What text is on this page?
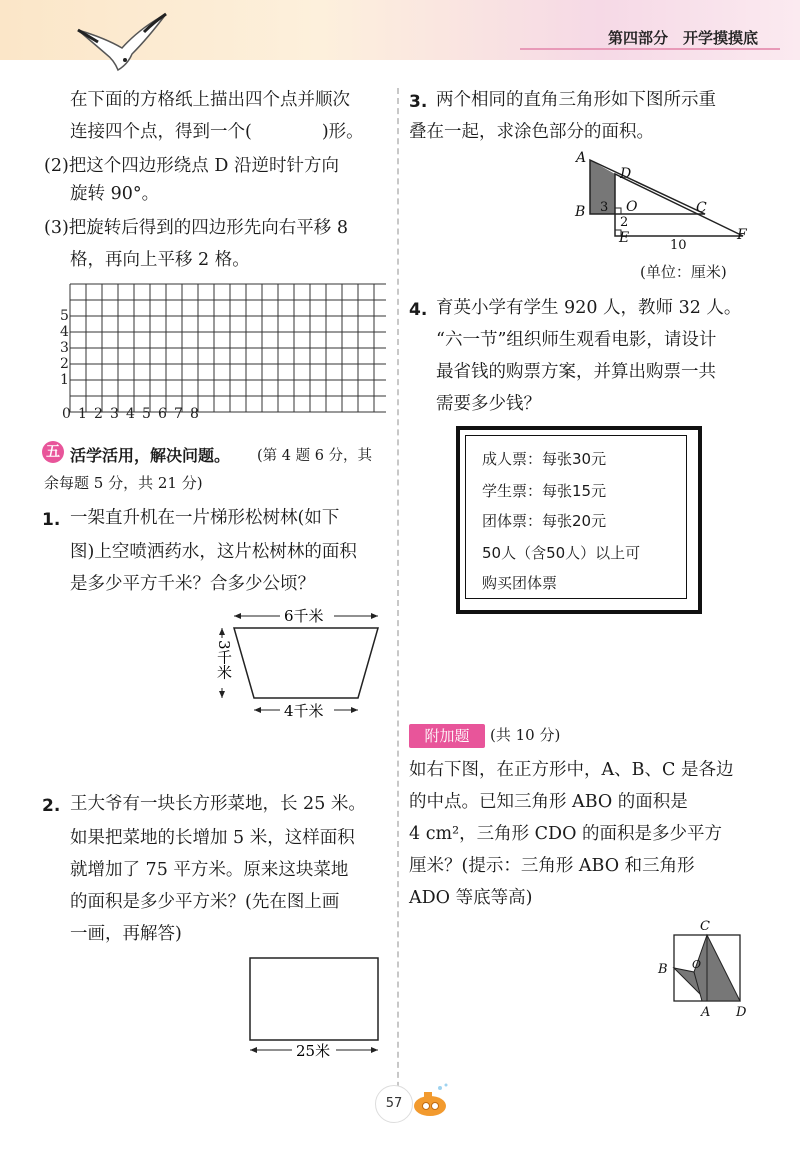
第四部分　开学摸摸底
在下面的方格纸上描出四个点并顺次
连接四个点，得到一个(　　　　)形。
(2)把这个四边形绕点 D 沿逆时针方向
旋转 90°。
(3)把旋转后得到的四边形先向右平移 8
格，再向上平移 2 格。
0 1 2 3 4 5 6 7 8
1
2
3
4
5
五 活学活用，解决问题。 (第 4 题 6 分，其
余每题 5 分，共 21 分)
1. 一架直升机在一片梯形松树林(如下
图)上空喷洒药水，这片松树林的面积
是多少平方千米？合多少公顷？
6千米
3千米
4千米
2. 王大爷有一块长方形菜地，长 25 米。
如果把菜地的长增加 5 米，这样面积
就增加了 75 平方米。原来这块菜地
的面积是多少平方米？(先在图上画
一画，再解答)
25米
3. 两个相同的直角三角形如下图所示重
叠在一起，求涂色部分的面积。
A
B	C
D
E	F
O
3
2
10
(单位：厘米)
4. 育英小学有学生 920 人，教师 32 人。
“六一节”组织师生观看电影，请设计
最省钱的购票方案，并算出购票一共
需要多少钱？
成人票：每张30元
学生票：每张15元
团体票：每张20元
50人（含50人）以上可
购买团体票
附加题	(共 10 分)
如右下图，在正方形中，A、B、C 是各边
的中点。已知三角形 ABO 的面积是
4 cm²，三角形 CDO 的面积是多少平方
厘米？(提示：三角形 ABO 和三角形
ADO 等底等高)
C
B O
A D
57
